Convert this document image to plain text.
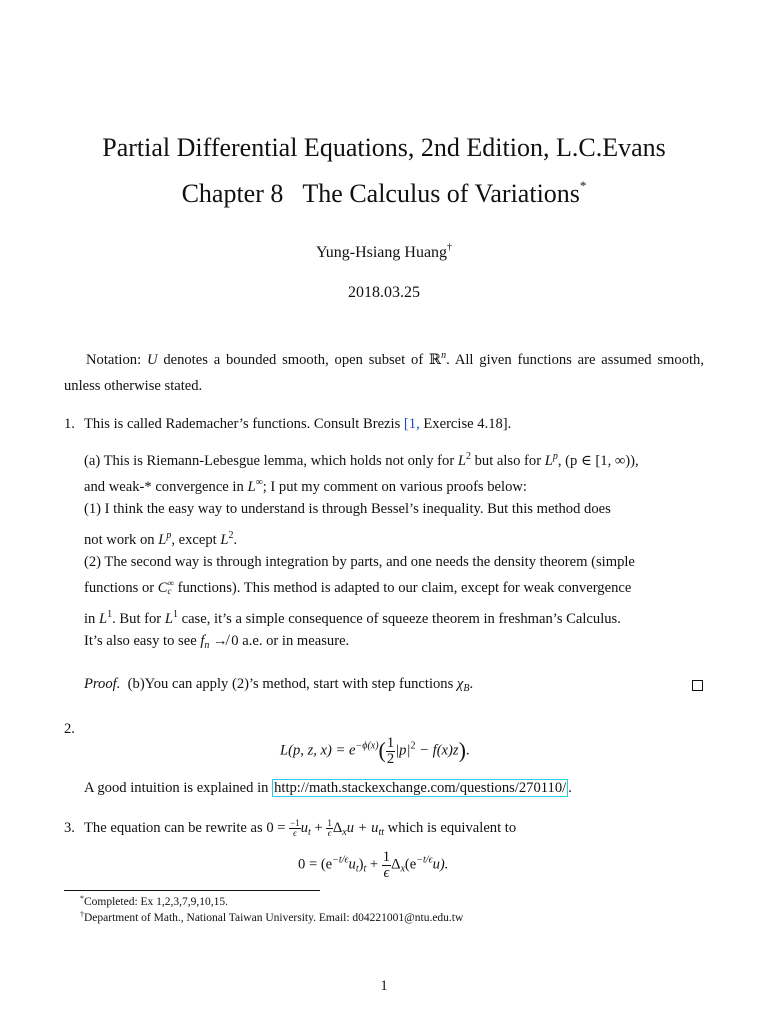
Partial Differential Equations, 2nd Edition, L.C.Evans
Chapter 8   The Calculus of Variations*
Yung-Hsiang Huang†
2018.03.25
Notation: U denotes a bounded smooth, open subset of ℝ$^n$. All given functions are assumed smooth, unless otherwise stated.
1. This is called Rademacher’s functions. Consult Brezis [1, Exercise 4.18].
(a) This is Riemann-Lebesgue lemma, which holds not only for $L^2$ but also for $L^p$, (p ∈ [1, ∞)),
and weak-* convergence in L∞; I put my comment on various proofs below:
(1) I think the easy way to understand is through Bessel’s inequality. But this method does
not work on $L^p$, except $L^2$.
(2) The second way is through integration by parts, and one needs the density theorem (simple
functions or C ∞
c functions). This method is adapted to our claim, except for weak convergence
in $L^1$. But for $L^1$ case, it’s a simple consequence of squeeze theorem in freshman’s Calculus.
It’s also easy to see $f_n$ ↛ 0 a.e. or in measure.
Proof.  (b)You can apply (2)’s method, start with step functions $\chi_B$.
2.
L(p, z, $x) = e^{-\phi(x)}( \frac{1}{2} |p|^2 - f(x)z)$.
A good intuition is explained in http://math.stackexchange.com/questions/270110/ .
3. The equation can be rewrite as $0 = \frac{-1}{\epsilon} u_t + \frac{1}{\epsilon} \Delta_xu + u_{tt}$ which is equivalent to
$0 = (e^{-t/\epsilon}u_t)_t + \frac{1}{\epsilon} \Delta_x(e^{-t/\epsilon}u)$.
*Completed: Ex 1,2,3,7,9,10,15.
†Department of Math., National Taiwan University. Email: d04221001@ntu.edu.tw
1
